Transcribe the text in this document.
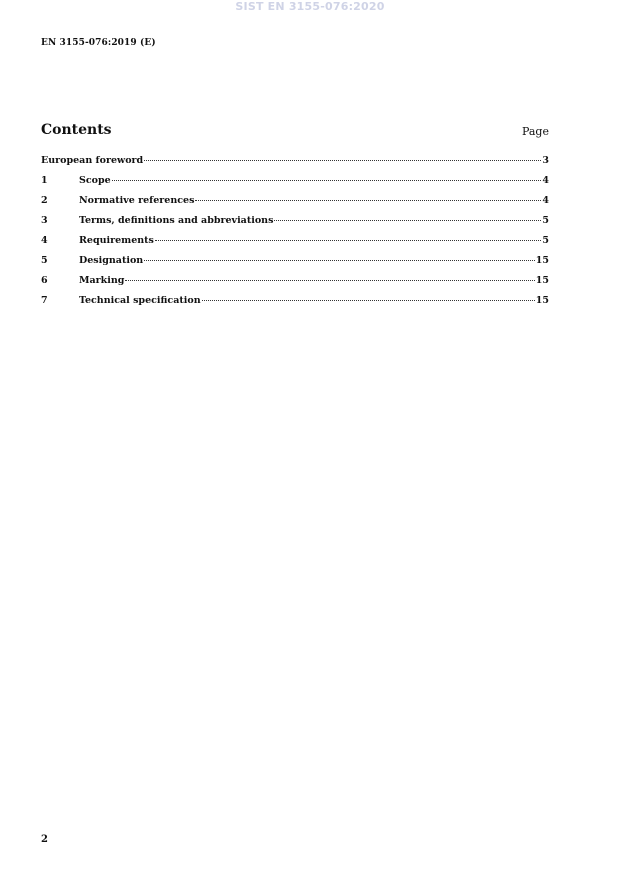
SIST EN 3155-076:2020
EN 3155-076:2019 (E)
Contents	Page
European foreword	3
1	Scope	4
2	Normative references	4
3	Terms, definitions and abbreviations	5
4	Requirements	5
5	Designation	15
6	Marking	15
7	Technical specification	15
2
